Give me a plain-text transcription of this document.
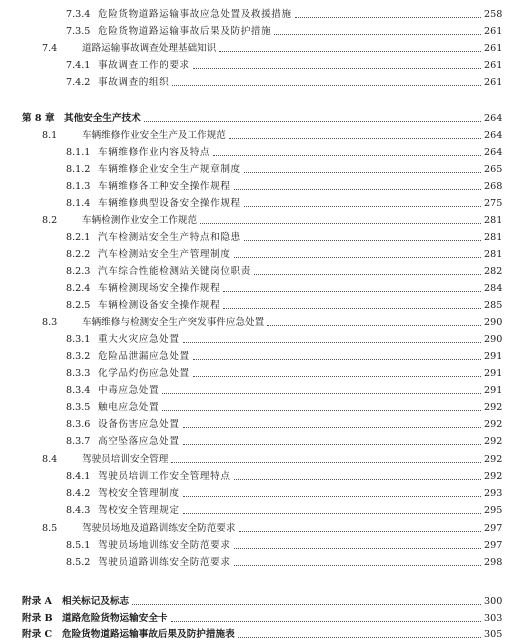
7.3.4 危险货物道路运输事故应急处置及救援措施	258
7.3.5 危险货物道路运输事故后果及防护措施	261
7.4	道路运输事故调查处理基础知识	261
7.4.1 事故调查工作的要求	261
7.4.2 事故调查的组织	261
第 8 章 其他安全生产技术	264
8.1	车辆维修作业安全生产及工作规范	264
8.1.1 车辆维修作业内容及特点	264
8.1.2 车辆维修企业安全生产规章制度	265
8.1.3 车辆维修各工种安全操作规程	268
8.1.4 车辆维修典型设备安全操作规程	275
8.2	车辆检测作业安全工作规范	281
8.2.1 汽车检测站安全生产特点和隐患	281
8.2.2 汽车检测站安全生产管理制度	281
8.2.3 汽车综合性能检测站关键岗位职责	282
8.2.4 车辆检测现场安全操作规程	284
8.2.5 车辆检测设备安全操作规程	285
8.3	车辆维修与检测安全生产突发事件应急处置	290
8.3.1 重大火灾应急处置	290
8.3.2 危险品泄漏应急处置	291
8.3.3 化学品灼伤应急处置	291
8.3.4 中毒应急处置	291
8.3.5 触电应急处置	292
8.3.6 设备伤害应急处置	292
8.3.7 高空坠落应急处置	292
8.4	驾驶员培训安全管理	292
8.4.1 驾驶员培训工作安全管理特点	292
8.4.2 驾校安全管理制度	293
8.4.3 驾校安全管理规定	295
8.5	驾驶员场地及道路训练安全防范要求	297
8.5.1 驾驶员场地训练安全防范要求	297
8.5.2 驾驶员道路训练安全防范要求	298
附录 A	相关标记及标志	300
附录 B 道路危险货物运输安全卡	303
附录 C	危险货物道路运输事故后果及防护措施表	305
